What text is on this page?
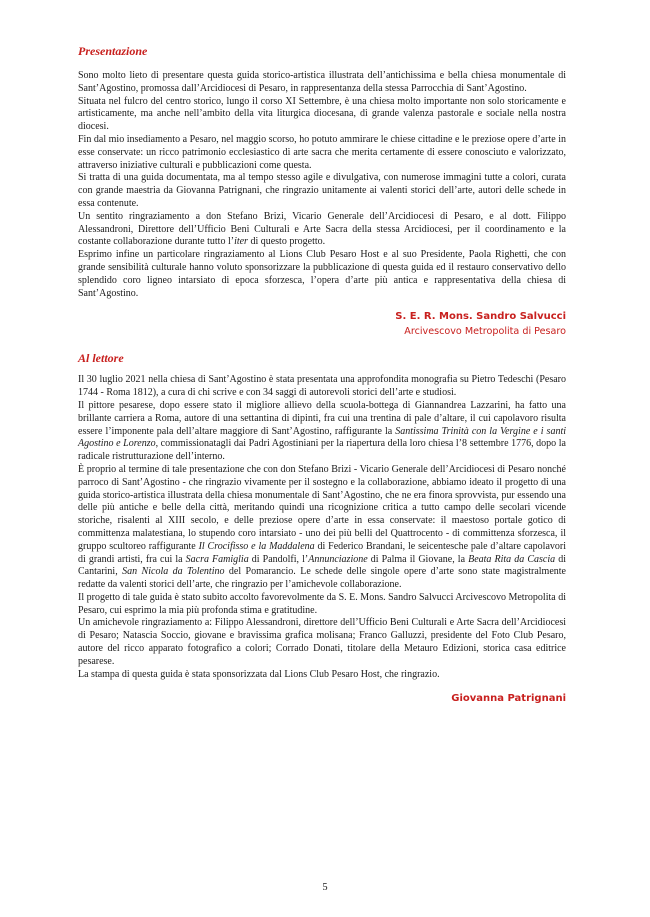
Presentazione

Sono molto lieto di presentare questa guida storico-artistica illustrata dell’antichissima e bella chiesa monumentale di Sant’Agostino, promossa dall’Arcidiocesi di Pesaro, in rappresentanza della stessa Parrocchia di Sant’Agostino.

Situata nel fulcro del centro storico, lungo il corso XI Settembre, è una chiesa molto importante non solo storicamente e artisticamente, ma anche nell’ambito della vita liturgica diocesana, di grande valenza pastorale e sociale nella nostra diocesi.

Fin dal mio insediamento a Pesaro, nel maggio scorso, ho potuto ammirare le chiese cittadine e le preziose opere d’arte in esse conservate: un ricco patrimonio ecclesiastico di arte sacra che merita certamente di essere conosciuto e valorizzato, attraverso iniziative culturali e pubblicazioni come questa.

Si tratta di una guida documentata, ma al tempo stesso agile e divulgativa, con numerose immagini tutte a colori, curata con grande maestria da Giovanna Patrignani, che ringrazio unitamente ai valenti storici dell’arte, autori delle schede in essa contenute.

Un sentito ringraziamento a don Stefano Brizi, Vicario Generale dell’Arcidiocesi di Pesaro, e al dott. Filippo Alessandroni, Direttore dell’Ufficio Beni Culturali e Arte Sacra della stessa Arcidiocesi, per il coordinamento e la costante collaborazione durante tutto l’iter di questo progetto.

Esprimo infine un particolare ringraziamento al Lions Club Pesaro Host e al suo Presidente, Paola Righetti, che con grande sensibilità culturale hanno voluto sponsorizzare la pubblicazione di questa guida ed il restauro conservativo dello splendido coro ligneo intarsiato di epoca sforzesca, l’opera d’arte più antica e rappresentativa della chiesa di Sant’Agostino.

S. E. R. Mons. Sandro Salvucci
Arcivescovo Metropolita di Pesaro
Al lettore

Il 30 luglio 2021 nella chiesa di Sant’Agostino è stata presentata una approfondita monografia su Pietro Tedeschi (Pesaro 1744 - Roma 1812), a cura di chi scrive e con 34 saggi di autorevoli storici dell’arte e studiosi.

Il pittore pesarese, dopo essere stato il migliore allievo della scuola-bottega di Giannandrea Lazzarini, ha fatto una brillante carriera a Roma, autore di una settantina di dipinti, fra cui una trentina di pale d’altare, il cui capolavoro risulta essere l’imponente pala dell’altare maggiore di Sant’Agostino, raffigurante la Santissima Trinità con la Vergine e i santi Agostino e Lorenzo, commissionataglі dai Padri Agostiniani per la riapertura della loro chiesa l’8 settembre 1776, dopo la radicale ristrutturazione dell’interno.

È proprio al termine di tale presentazione che con don Stefano Brizi - Vicario Generale dell’Arcidiocesi di Pesaro nonché parroco di Sant’Agostino - che ringrazio vivamente per il sostegno e la collaborazione, abbiamo ideato il progetto di una guida storico-artistica illustrata della chiesa monumentale di Sant’Agostino, che ne era finora sprovvista, pur essendo una delle più antiche e belle della città, meritando quindi una ricognizione critica a tutto campo delle secolari vicende storiche, risalenti al XIII secolo, e delle preziose opere d’arte in essa conservate: il maestoso portale gotico di committenza malatestiana, lo stupendo coro intarsiato - uno dei più belli del Quattrocento - di committenza sforzesca, il gruppo scultoreo raffigurante Il Crocifisso e la Maddalena di Federico Brandani, le seicentesche pale d’altare capolavori di grandi artisti, fra cui la Sacra Famiglia di Pandolfi, l’Annunciazione di Palma il Giovane, la Beata Rita da Cascia di Cantarini, San Nicola da Tolentino del Pomarancio. Le schede delle singole opere d’arte sono state magistralmente redatte da valenti storici dell’arte, che ringrazio per l’amichevole collaborazione.

Il progetto di tale guida è stato subito accolto favorevolmente da S. E. Mons. Sandro Salvucci Arcivescovo Metropolita di Pesaro, cui esprimo la mia più profonda stima e gratitudine.

Un amichevole ringraziamento a: Filippo Alessandroni, direttore dell’Ufficio Beni Culturali e Arte Sacra dell’Arcidiocesi di Pesaro; Natascia Soccio, giovane e bravissima grafica molisana; Franco Galluzzi, presidente del Foto Club Pesaro, autore del ricco apparato fotografico a colori; Corrado Donati, titolare della Metauro Edizioni, storica casa editrice pesarese.

La stampa di questa guida è stata sponsorizzata dal Lions Club Pesaro Host, che ringrazio.

Giovanna Patrignani
5
